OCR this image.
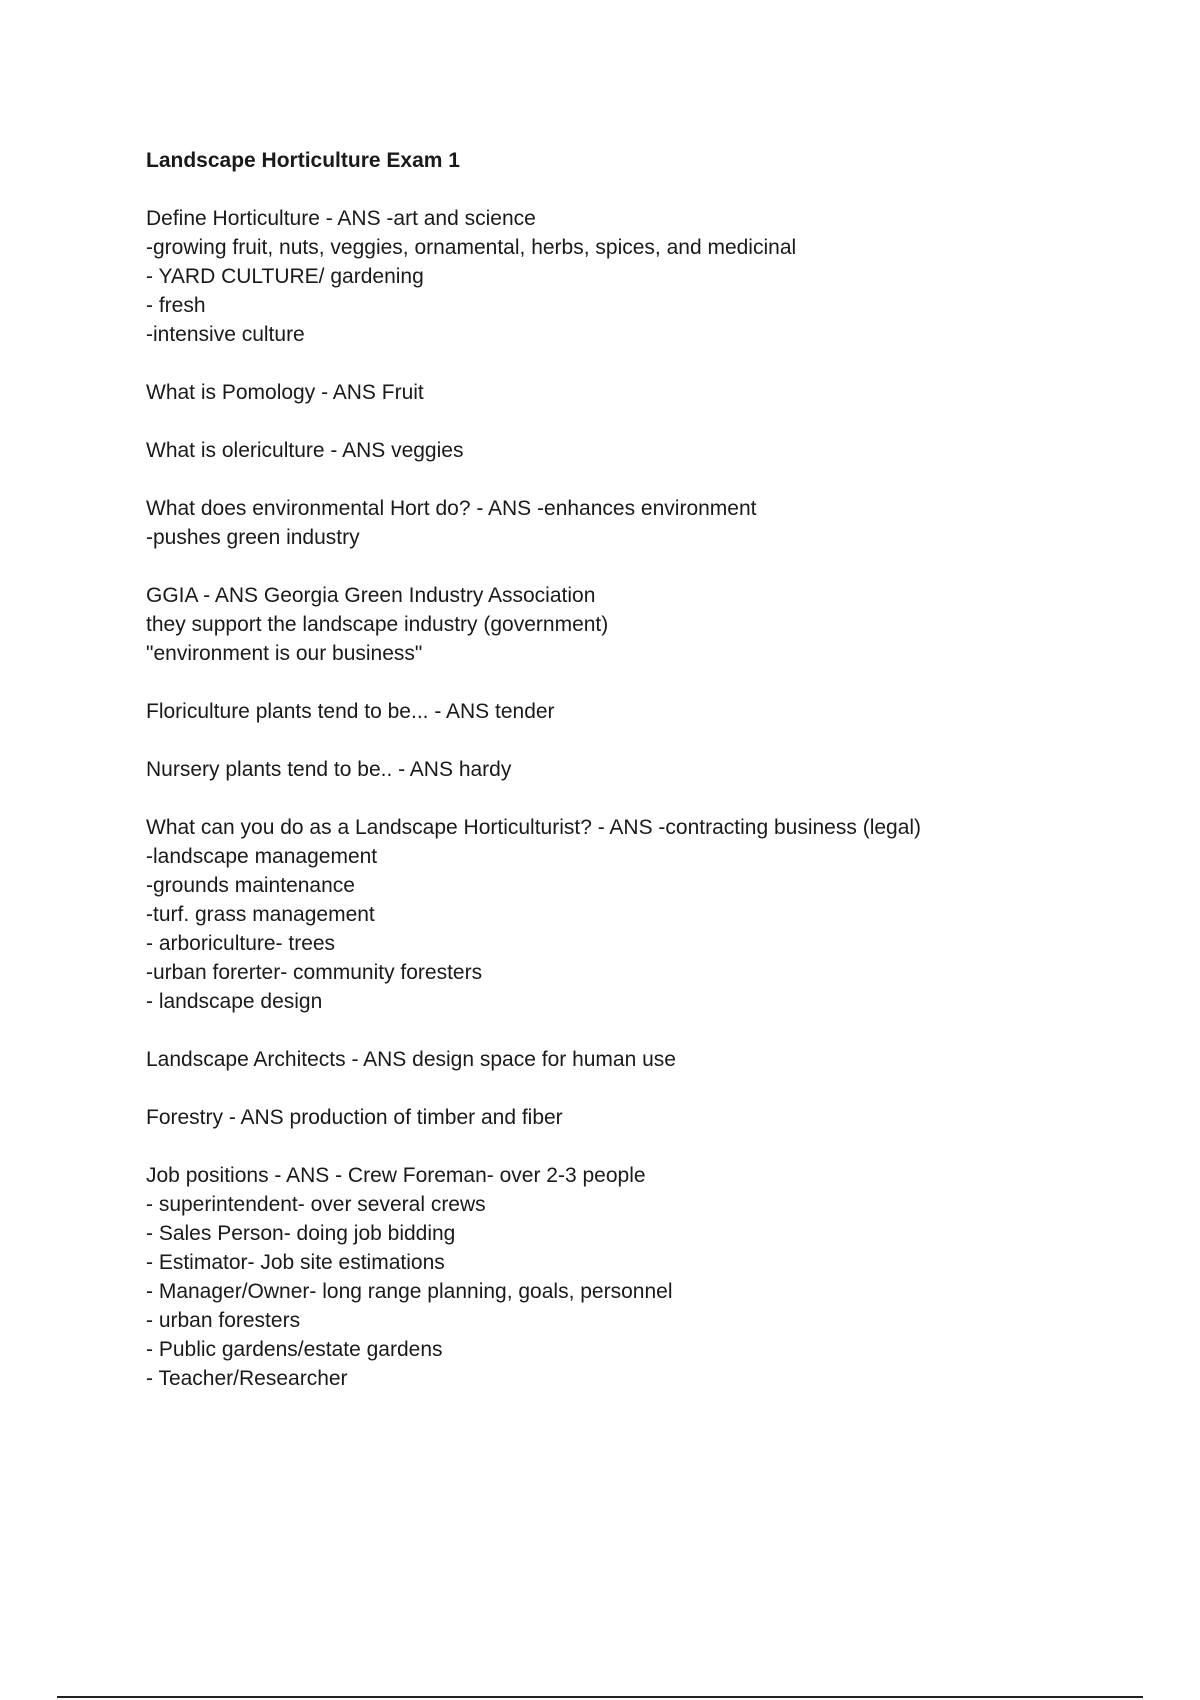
Landscape Horticulture Exam 1
Define Horticulture - ANS -art and science
-growing fruit, nuts, veggies, ornamental, herbs, spices, and medicinal
- YARD CULTURE/ gardening
- fresh
-intensive culture
What is Pomology - ANS Fruit
What is olericulture - ANS veggies
What does environmental Hort do? - ANS -enhances environment
-pushes green industry
GGIA - ANS Georgia Green Industry Association
they support the landscape industry (government)
"environment is our business"
Floriculture plants tend to be... - ANS tender
Nursery plants tend to be.. - ANS hardy
What can you do as a Landscape Horticulturist? - ANS -contracting business (legal)
-landscape management
-grounds maintenance
-turf. grass management
- arboriculture- trees
-urban forerter- community foresters
- landscape design
Landscape Architects - ANS design space for human use
Forestry - ANS production of timber and fiber
Job positions - ANS - Crew Foreman- over 2-3 people
- superintendent- over several crews
- Sales Person- doing job bidding
- Estimator- Job site estimations
- Manager/Owner- long range planning, goals, personnel
- urban foresters
- Public gardens/estate gardens
- Teacher/Researcher
